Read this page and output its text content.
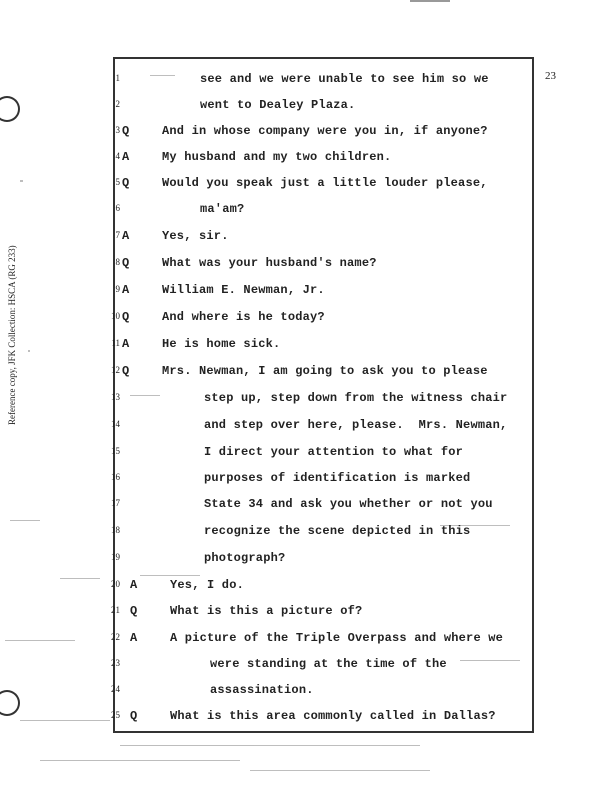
Reference copy, JFK Collection: HSCA (RG 233)
23
1	see and we were unable to see him so we
2	went to Dealey Plaza.
3 Q	And in whose company were you in, if anyone?
4 A	My husband and my two children.
5 Q	Would you speak just a little louder please,
6	ma'am?
7 A	Yes, sir.
8 Q	What was your husband's name?
9 A	William E. Newman, Jr.
10 Q	And where is he today?
11 A	He is home sick.
12 Q	Mrs. Newman, I am going to ask you to please
13	step up, step down from the witness chair
14	and step over here, please.  Mrs. Newman,
15	I direct your attention to what for
16	purposes of identification is marked
17	State 34 and ask you whether or not you
18	recognize the scene depicted in this
19	photograph?
20 A	Yes, I do.
21 Q	What is this a picture of?
22 A	A picture of the Triple Overpass and where we
23	were standing at the time of the
24	assassination.
25 Q	What is this area commonly called in Dallas?
